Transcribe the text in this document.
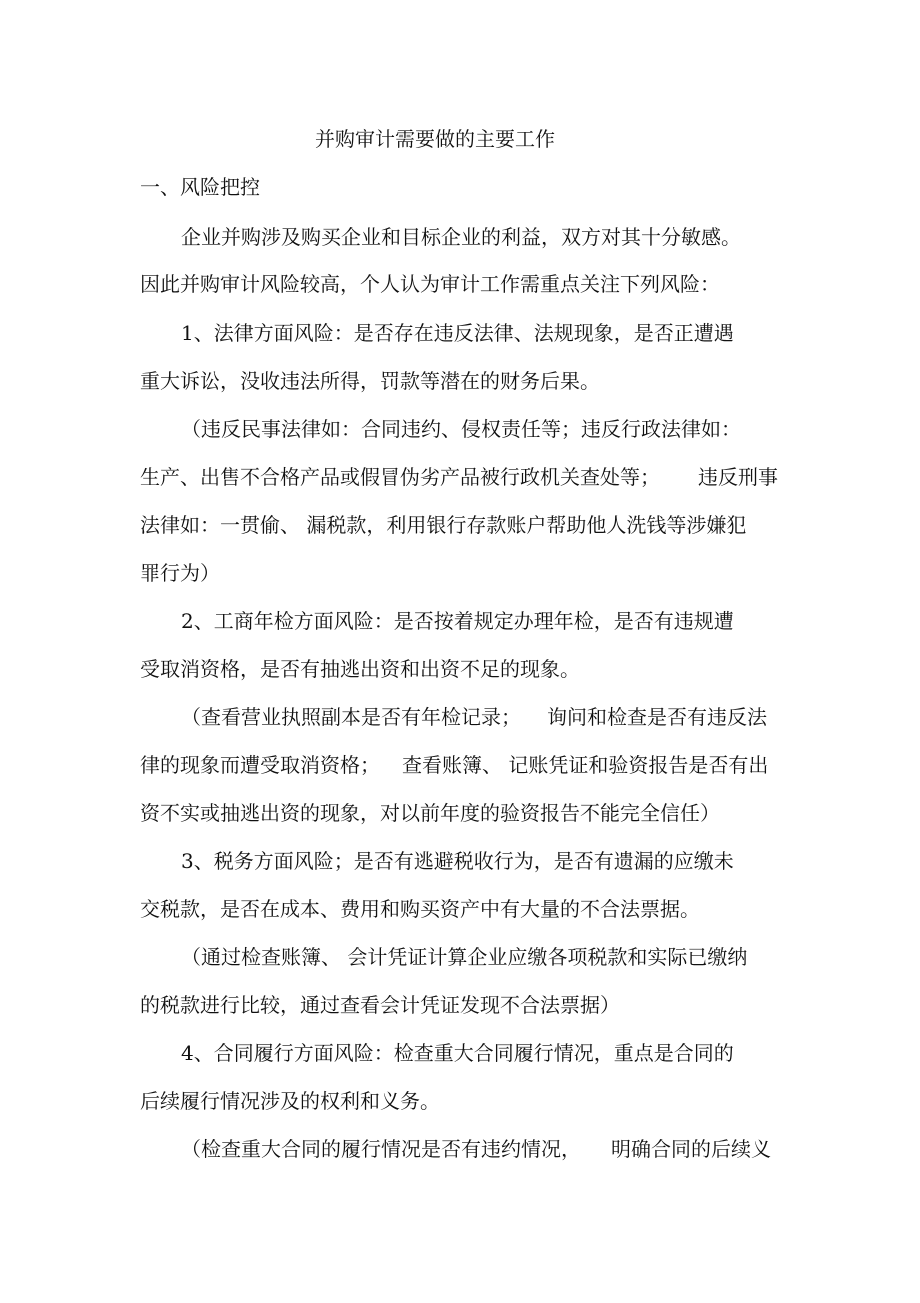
并购审计需要做的主要工作
一、风险把控
企业并购涉及购买企业和目标企业的利益，双方对其十分敏感。
因此并购审计风险较高，个人认为审计工作需重点关注下列风险：
1、法律方面风险：是否存在违反法律、法规现象，是否正遭遇
重大诉讼，没收违法所得，罚款等潜在的财务后果。
（违反民事法律如：合同违约、侵权责任等；违反行政法律如：
生产、出售不合格产品或假冒伪劣产品被行政机关查处等； 违反刑事
法律如：一贯偷、 漏税款，利用银行存款账户帮助他人洗钱等涉嫌犯
罪行为）
2、工商年检方面风险：是否按着规定办理年检，是否有违规遭
受取消资格，是否有抽逃出资和出资不足的现象。
（查看营业执照副本是否有年检记录； 询问和检查是否有违反法
律的现象而遭受取消资格； 查看账簿、 记账凭证和验资报告是否有出
资不实或抽逃出资的现象，对以前年度的验资报告不能完全信任）
3、税务方面风险；是否有逃避税收行为，是否有遗漏的应缴未
交税款，是否在成本、费用和购买资产中有大量的不合法票据。
（通过检查账簿、 会计凭证计算企业应缴各项税款和实际已缴纳
的税款进行比较，通过查看会计凭证发现不合法票据）
4、合同履行方面风险：检查重大合同履行情况，重点是合同的
后续履行情况涉及的权利和义务。
（检查重大合同的履行情况是否有违约情况， 明确合同的后续义
